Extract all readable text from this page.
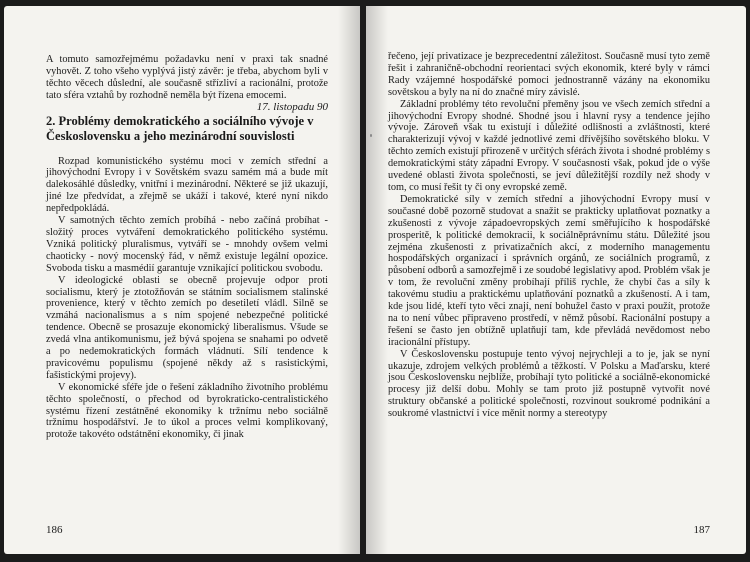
A tomuto samozřejmému požadavku není v praxi tak snadné vyhovět. Z toho všeho vyplývá jistý závěr: je třeba, abychom byli v těchto věcech důslední, ale současně střízliví a racionální, protože tato sféra vztahů by rozhodně neměla být řízena emocemi.

17. listopadu 90

2. Problémy demokratického a sociálního vývoje v Československu a jeho mezinárodní souvislosti

Rozpad komunistického systému moci v zemích střední a jihovýchodní Evropy i v Sovětském svazu samém má a bude mít dalekosáhlé důsledky, vnitřní i mezinárodní. Některé se již ukazují, jiné lze předvídat, a zřejmě se ukáží i takové, které nyní nikdo nepředpokládá.

V samotných těchto zemích probíhá - nebo začíná probíhat - složitý proces vytváření demokratického politického systému. Vzniká politický pluralismus, vytváří se - mnohdy ovšem velmi chaoticky - nový mocenský řád, v němž existuje legální opozice. Svoboda tisku a masmédií garantuje vznikající politickou svobodu.

V ideologické oblasti se obecně projevuje odpor proti socialismu, který je ztotožňován se státním socialismem stalinské provenience, který v těchto zemích po desetiletí vládl. Silně se vzmáhá nacionalismus a s ním spojené nebezpečné politické tendence. Obecně se prosazuje ekonomický liberalismus. Všude se zvedá vlna antikomunismu, jež bývá spojena se snahami po odvetě a po nedemokratických formách vládnutí. Sílí tendence k pravicovému populismu (spojené někdy až s rasistickými, fašistickými projevy).

V ekonomické sféře jde o řešení základního životního problému těchto společností, o přechod od byrokraticko-centralistického systému řízení zestátněné ekonomiky k tržnímu nebo sociálně tržnímu hospodářství. Je to úkol a proces velmi komplikovaný, protože takovéto odstátnění ekonomiky, či jinak

186

řečeno, její privatizace je bezprecedentní záležitost. Současně musí tyto země řešit i zahraničně-obchodní reorientaci svých ekonomik, které byly v rámci Rady vzájemné hospodářské pomoci jednostranně vázány na ekonomiku sovětskou a byly na ní do značné míry závislé.

Základní problémy této revoluční přeměny jsou ve všech zemích střední a jihovýchodní Evropy shodné. Shodné jsou i hlavní rysy a tendence jejího vývoje. Zároveň však tu existují i důležité odlišnosti a zvláštnosti, které charakterizují vývoj v každé jednotlivé zemi dřívějšího sovětského bloku. V těchto zemích existují přirozeně v určitých sférách života i shodné problémy s demokratickými státy západní Evropy. V současnosti však, pokud jde o výše uvedené oblasti života společnosti, se jeví důležitější rozdíly než shody v tom, co musí řešit ty či ony evropské země.

Demokratické síly v zemích střední a jihovýchodní Evropy musí v současné době pozorně studovat a snažit se prakticky uplatňovat poznatky a zkušenosti z vývoje západoevropských zemí směřujícího k hospodářské prosperitě, k politické demokracii, k sociálněprávnímu státu. Důležité jsou zejména zkušenosti z privatizačních akcí, z moderního managementu hospodářských organizací i správních orgánů, ze sociálních programů, z působení odborů a samozřejmě i ze soudobé legislativy apod. Problém však je v tom, že revoluční změny probíhají příliš rychle, že chybí čas a síly k takovému studiu a praktickému uplatňování poznatků a zkušeností. A i tam, kde jsou lidé, kteří tyto věci znají, není bohužel často v praxi použít, protože na to není vůbec připraveno prostředí, v němž působí. Racionální postupy a řešení se často jen obtížně uplatňují tam, kde převládá nevědomost nebo iracionální přístupy.

V Československu postupuje tento vývoj nejrychleji a to je, jak se nyní ukazuje, zdrojem velkých problémů a těžkostí. V Polsku a Maďarsku, které jsou Československu nejblíže, probíhají tyto politické a sociálně-ekonomické procesy již delší dobu. Mohly se tam proto již postupně vytvořit nové struktury občanské a politické společnosti, rozvinout soukromé podnikání a soukromé vlastnictví i více měnit normy a stereotypy

187
